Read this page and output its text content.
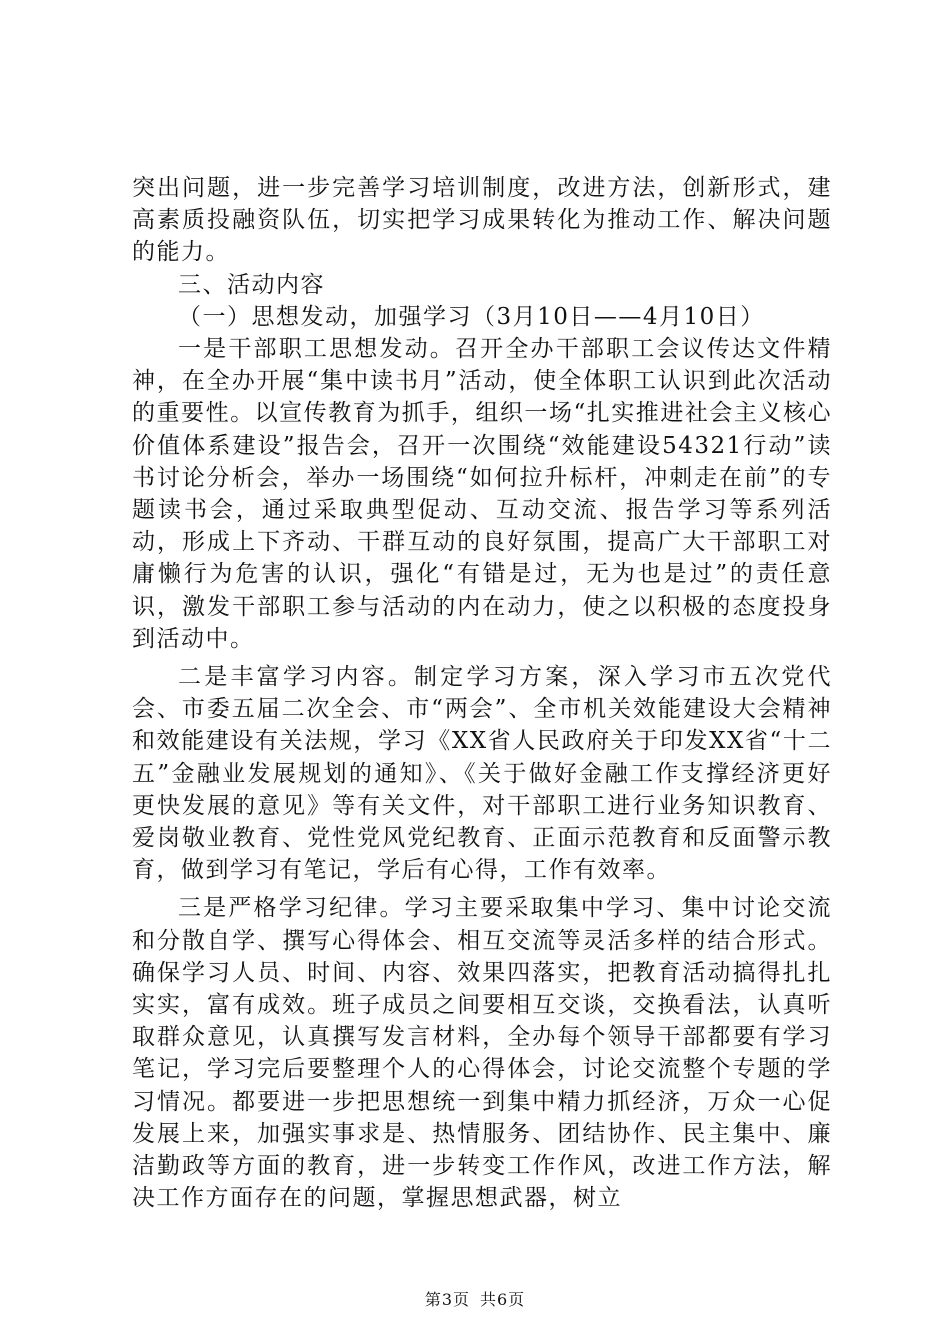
突出问题，进一步完善学习培训制度，改进方法，创新形式，建高素质投融资队伍，切实把学习成果转化为推动工作、解决问题的能力。

三、活动内容

（一）思想发动，加强学习（3月10日——4月10日）

一是干部职工思想发动。召开全办干部职工会议传达文件精神，在全办开展“集中读书月”活动，使全体职工认识到此次活动的重要性。以宣传教育为抓手，组织一场“扎实推进社会主义核心价值体系建设”报告会，召开一次围绕“效能建设54321行动”读书讨论分析会，举办一场围绕“如何拉升标杆，冲刺走在前”的专题读书会，通过采取典型促动、互动交流、报告学习等系列活动，形成上下齐动、干群互动的良好氛围，提高广大干部职工对庸懒行为危害的认识，强化“有错是过，无为也是过”的责任意识，激发干部职工参与活动的内在动力，使之以积极的态度投身到活动中。

二是丰富学习内容。制定学习方案，深入学习市五次党代会、市委五届二次全会、市“两会”、全市机关效能建设大会精神和效能建设有关法规，学习《XX省人民政府关于印发XX省“十二五”金融业发展规划的通知》、《关于做好金融工作支撑经济更好更快发展的意见》等有关文件，对干部职工进行业务知识教育、爱岗敬业教育、党性党风党纪教育、正面示范教育和反面警示教育，做到学习有笔记，学后有心得，工作有效率。

三是严格学习纪律。学习主要采取集中学习、集中讨论交流和分散自学、撰写心得体会、相互交流等灵活多样的结合形式。确保学习人员、时间、内容、效果四落实，把教育活动搞得扎扎实实，富有成效。班子成员之间要相互交谈，交换看法，认真听取群众意见，认真撰写发言材料，全办每个领导干部都要有学习笔记，学习完后要整理个人的心得体会，讨论交流整个专题的学习情况。都要进一步把思想统一到集中精力抓经济，万众一心促发展上来，加强实事求是、热情服务、团结协作、民主集中、廉洁勤政等方面的教育，进一步转变工作作风，改进工作方法，解决工作方面存在的问题，掌握思想武器，树立

第3页 共6页
